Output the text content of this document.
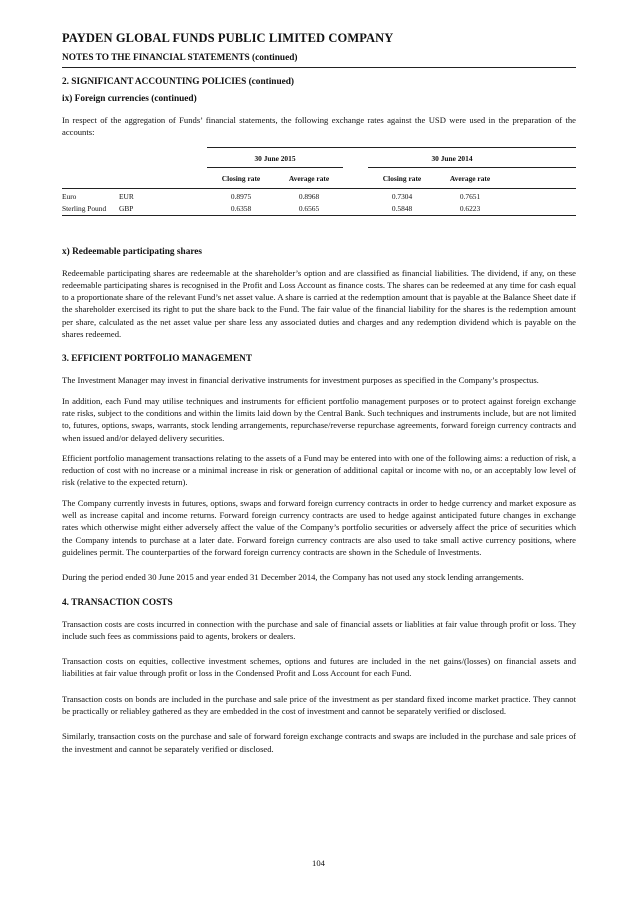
PAYDEN GLOBAL FUNDS PUBLIC LIMITED COMPANY
NOTES TO THE FINANCIAL STATEMENTS (continued)
2. SIGNIFICANT ACCOUNTING POLICIES (continued)
ix) Foreign currencies (continued)

In respect of the aggregation of Funds’ financial statements, the following exchange rates against the USD were used in the preparation of the accounts:

		30 June 2015			30 June 2014		
		Closing rate	Average rate		Closing rate	Average rate	
Euro	EUR	0.8975	0.8968		0.7304	0.7651	
Sterling Pound	GBP	0.6358	0.6565		0.5848	0.6223	
x) Redeemable participating shares

Redeemable participating shares are redeemable at the shareholder’s option and are classified as financial liabilities. The dividend, if any, on these redeemable participating shares is recognised in the Profit and Loss Account as finance costs. The shares can be redeemed at any time for cash equal to a proportionate share of the relevant Fund’s net asset value. A share is carried at the redemption amount that is payable at the Balance Sheet date if the shareholder exercised its right to put the share back to the Fund. The fair value of the financial liability for the shares is the redemption amount per share, calculated as the net asset value per share less any associated duties and charges and any redemption dividend which is payable on the shares redeemed.

3. EFFICIENT PORTFOLIO MANAGEMENT

The Investment Manager may invest in financial derivative instruments for investment purposes as specified in the Company’s prospectus.

In addition, each Fund may utilise techniques and instruments for efficient portfolio management purposes or to protect against foreign exchange rate risks, subject to the conditions and within the limits laid down by the Central Bank. Such techniques and instruments include, but are not limited to, futures, options, swaps, warrants, stock lending arrangements, repurchase/reverse repurchase agreements, forward foreign currency contracts and when issued and/or delayed delivery securities.

Efficient portfolio management transactions relating to the assets of a Fund may be entered into with one of the following aims: a reduction of risk, a reduction of cost with no increase or a minimal increase in risk or generation of additional capital or income with no, or an acceptably low level of risk (relative to the expected return).

The Company currently invests in futures, options, swaps and forward foreign currency contracts in order to hedge currency and market exposure as well as increase capital and income returns. Forward foreign currency contracts are used to hedge against anticipated future changes in exchange rates which otherwise might either adversely affect the value of the Company’s portfolio securities or adversely affect the price of securities which the Company intends to purchase at a later date. Forward foreign currency contracts are also used to take small active currency positions, where guidelines permit. The counterparties of the forward foreign currency contracts are shown in the Schedule of Investments.

During the period ended 30 June 2015 and year ended 31 December 2014, the Company has not used any stock lending arrangements.

4. TRANSACTION COSTS

Transaction costs are costs incurred in connection with the purchase and sale of financial assets or liablities at fair value through profit or loss. They include such fees as commissions paid to agents, brokers or dealers.

Transaction costs on equities, collective investment schemes, options and futures are included in the net gains/(losses) on financial assets and liabilities at fair value through profit or loss in the Condensed Profit and Loss Account for each Fund.

Transaction costs on bonds are included in the purchase and sale price of the investment as per standard fixed income market practice. They cannot be practically or reliabley gathered as they are embedded in the cost of investment and cannot be separately verified or disclosed.

Similarly, transaction costs on the purchase and sale of forward foreign exchange contracts and swaps are included in the purchase and sale prices of the investment and cannot be separately verified or disclosed.

104
